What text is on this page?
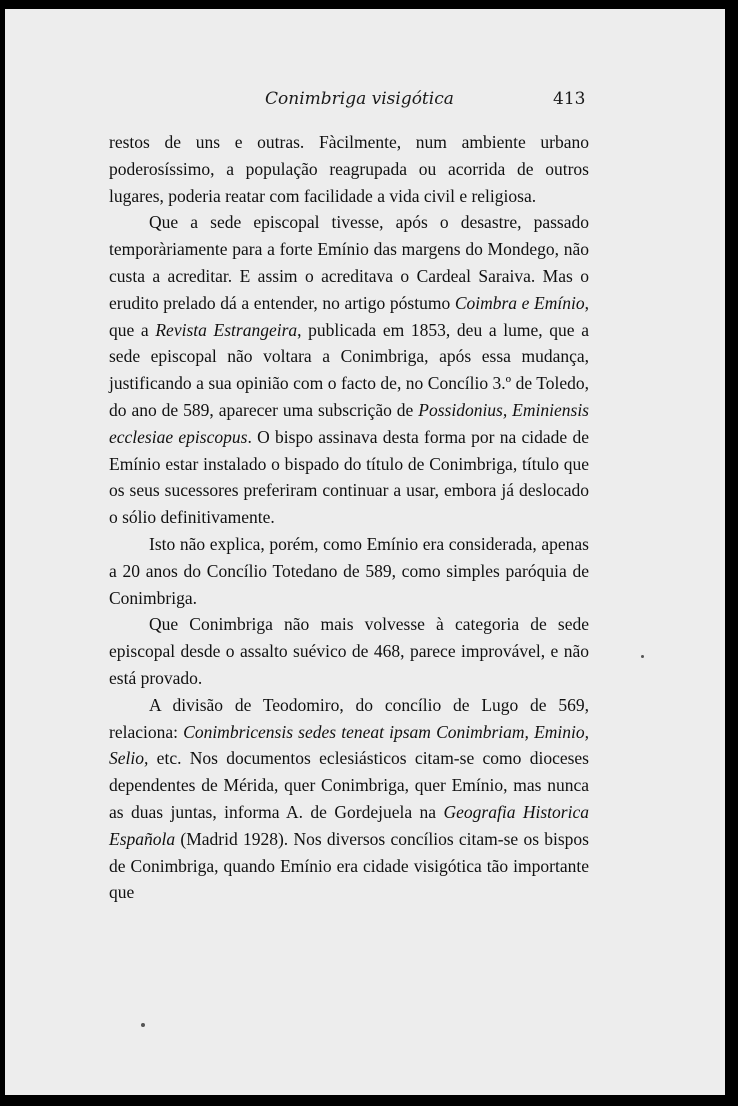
Conimbriga visigótica	413

restos de uns e outras. Fàcilmente, num ambiente urbano poderosíssimo, a população reagrupada ou acorrida de outros lugares, poderia reatar com facilidade a vida civil e religiosa.

Que a sede episcopal tivesse, após o desastre, passado temporàriamente para a forte Emínio das margens do Mondego, não custa a acreditar. E assim o acreditava o Cardeal Saraiva. Mas o erudito prelado dá a entender, no artigo póstumo Coimbra e Emínio, que a Revista Estrangeira, publicada em 1853, deu a lume, que a sede episcopal não voltara a Conimbriga, após essa mudança, justificando a sua opinião com o facto de, no Concílio 3.º de Toledo, do ano de 589, aparecer uma subscrição de Possidonius, Eminiensis ecclesiae episcopus. O bispo assinava desta forma por na cidade de Emínio estar instalado o bispado do título de Conimbriga, título que os seus sucessores preferiram continuar a usar, embora já deslocado o sólio definitivamente.

Isto não explica, porém, como Emínio era considerada, apenas a 20 anos do Concílio Totedano de 589, como simples paróquia de Conimbriga.

Que Conimbriga não mais volvesse à categoria de sede episcopal desde o assalto suévico de 468, parece improvável, e não está provado.

A divisão de Teodomiro, do concílio de Lugo de 569, relaciona: Conimbricensis sedes teneat ipsam Conimbriam, Eminio, Selio, etc. Nos documentos eclesiásticos citam-se como dioceses dependentes de Mérida, quer Conimbriga, quer Emínio, mas nunca as duas juntas, informa A. de Gordejuela na Geografia Historica Española (Madrid 1928). Nos diversos concílios citam-se os bispos de Conimbriga, quando Emínio era cidade visigótica tão importante que
